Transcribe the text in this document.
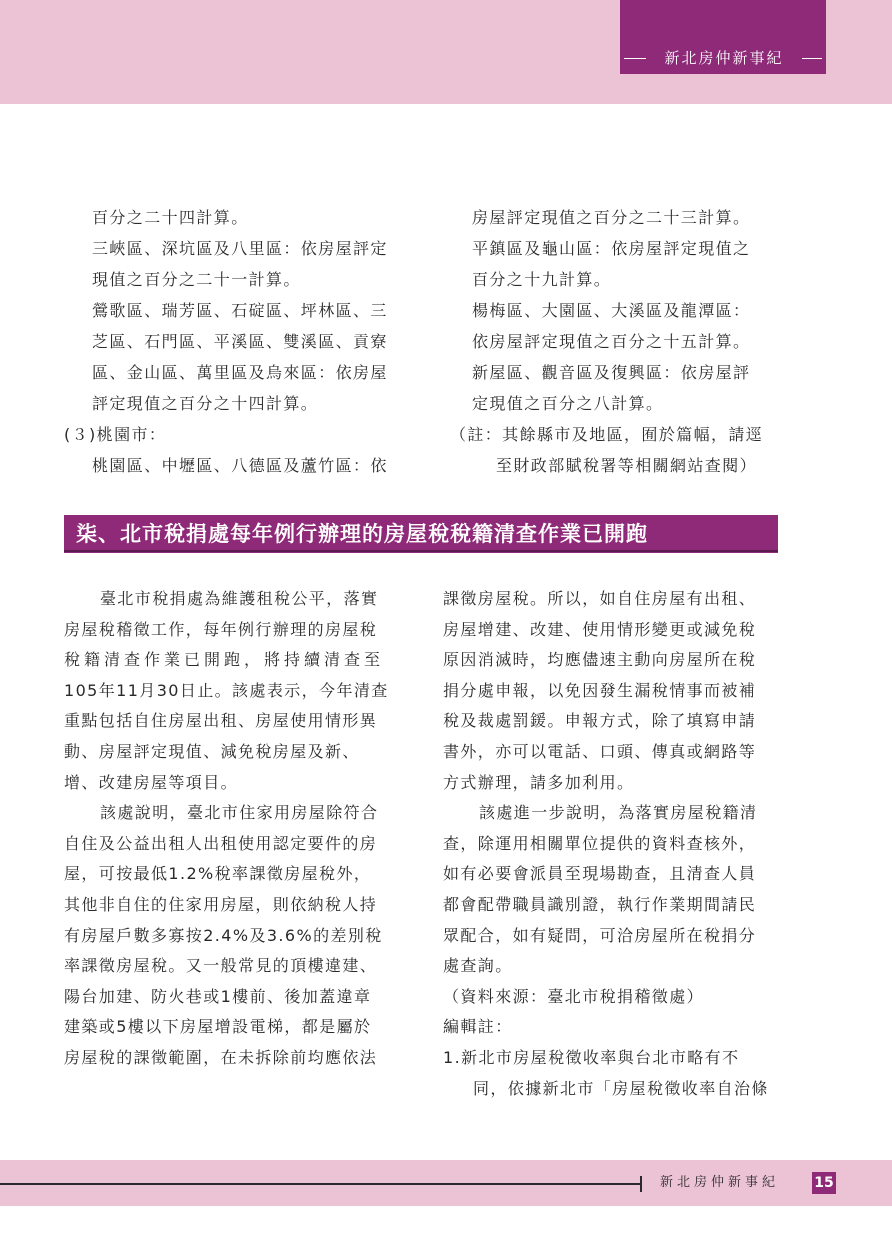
新北房仲新事紀

百分之二十四計算。

三峽區、深坑區及八里區：依房屋評定

現值之百分之二十一計算。

鶯歌區、瑞芳區、石碇區、坪林區、三

芝區、石門區、平溪區、雙溪區、貢寮

區、金山區、萬里區及烏來區：依房屋

評定現值之百分之十四計算。

(３)桃園市：

桃園區、中壢區、八德區及蘆竹區：依

房屋評定現值之百分之二十三計算。

平鎮區及龜山區：依房屋評定現值之

百分之十九計算。

楊梅區、大園區、大溪區及龍潭區：

依房屋評定現值之百分之十五計算。

新屋區、觀音區及復興區：依房屋評

定現值之百分之八計算。

（註：其餘縣市及地區，囿於篇幅，請逕

至財政部賦稅署等相關網站查閱）

柒、北市稅捐處每年例行辦理的房屋稅稅籍清查作業已開跑

臺北市稅捐處為維護租稅公平，落實

房屋稅稽徵工作，每年例行辦理的房屋稅

稅籍清查作業已開跑，將持續清查至

105年11月30日止。該處表示，今年清查

重點包括自住房屋出租、房屋使用情形異

動、房屋評定現值、減免稅房屋及新、

增、改建房屋等項目。

該處說明，臺北市住家用房屋除符合

自住及公益出租人出租使用認定要件的房

屋，可按最低1.2%稅率課徵房屋稅外，

其他非自住的住家用房屋，則依納稅人持

有房屋戶數多寡按2.4%及3.6%的差別稅

率課徵房屋稅。又一般常見的頂樓違建、

陽台加建、防火巷或1樓前、後加蓋違章

建築或5樓以下房屋增設電梯，都是屬於

房屋稅的課徵範圍，在未拆除前均應依法

課徵房屋稅。所以，如自住房屋有出租、

房屋增建、改建、使用情形變更或減免稅

原因消滅時，均應儘速主動向房屋所在稅

捐分處申報，以免因發生漏稅情事而被補

稅及裁處罰鍰。申報方式，除了填寫申請

書外，亦可以電話、口頭、傳真或網路等

方式辦理，請多加利用。

該處進一步說明，為落實房屋稅籍清

查，除運用相關單位提供的資料查核外，

如有必要會派員至現場勘查，且清查人員

都會配帶職員識別證，執行作業期間請民

眾配合，如有疑問，可洽房屋所在稅捐分

處查詢。

（資料來源：臺北市稅捐稽徵處）

編輯註：

1.新北市房屋稅徵收率與台北市略有不

同，依據新北市「房屋稅徵收率自治條

新北房仲新事紀	15
